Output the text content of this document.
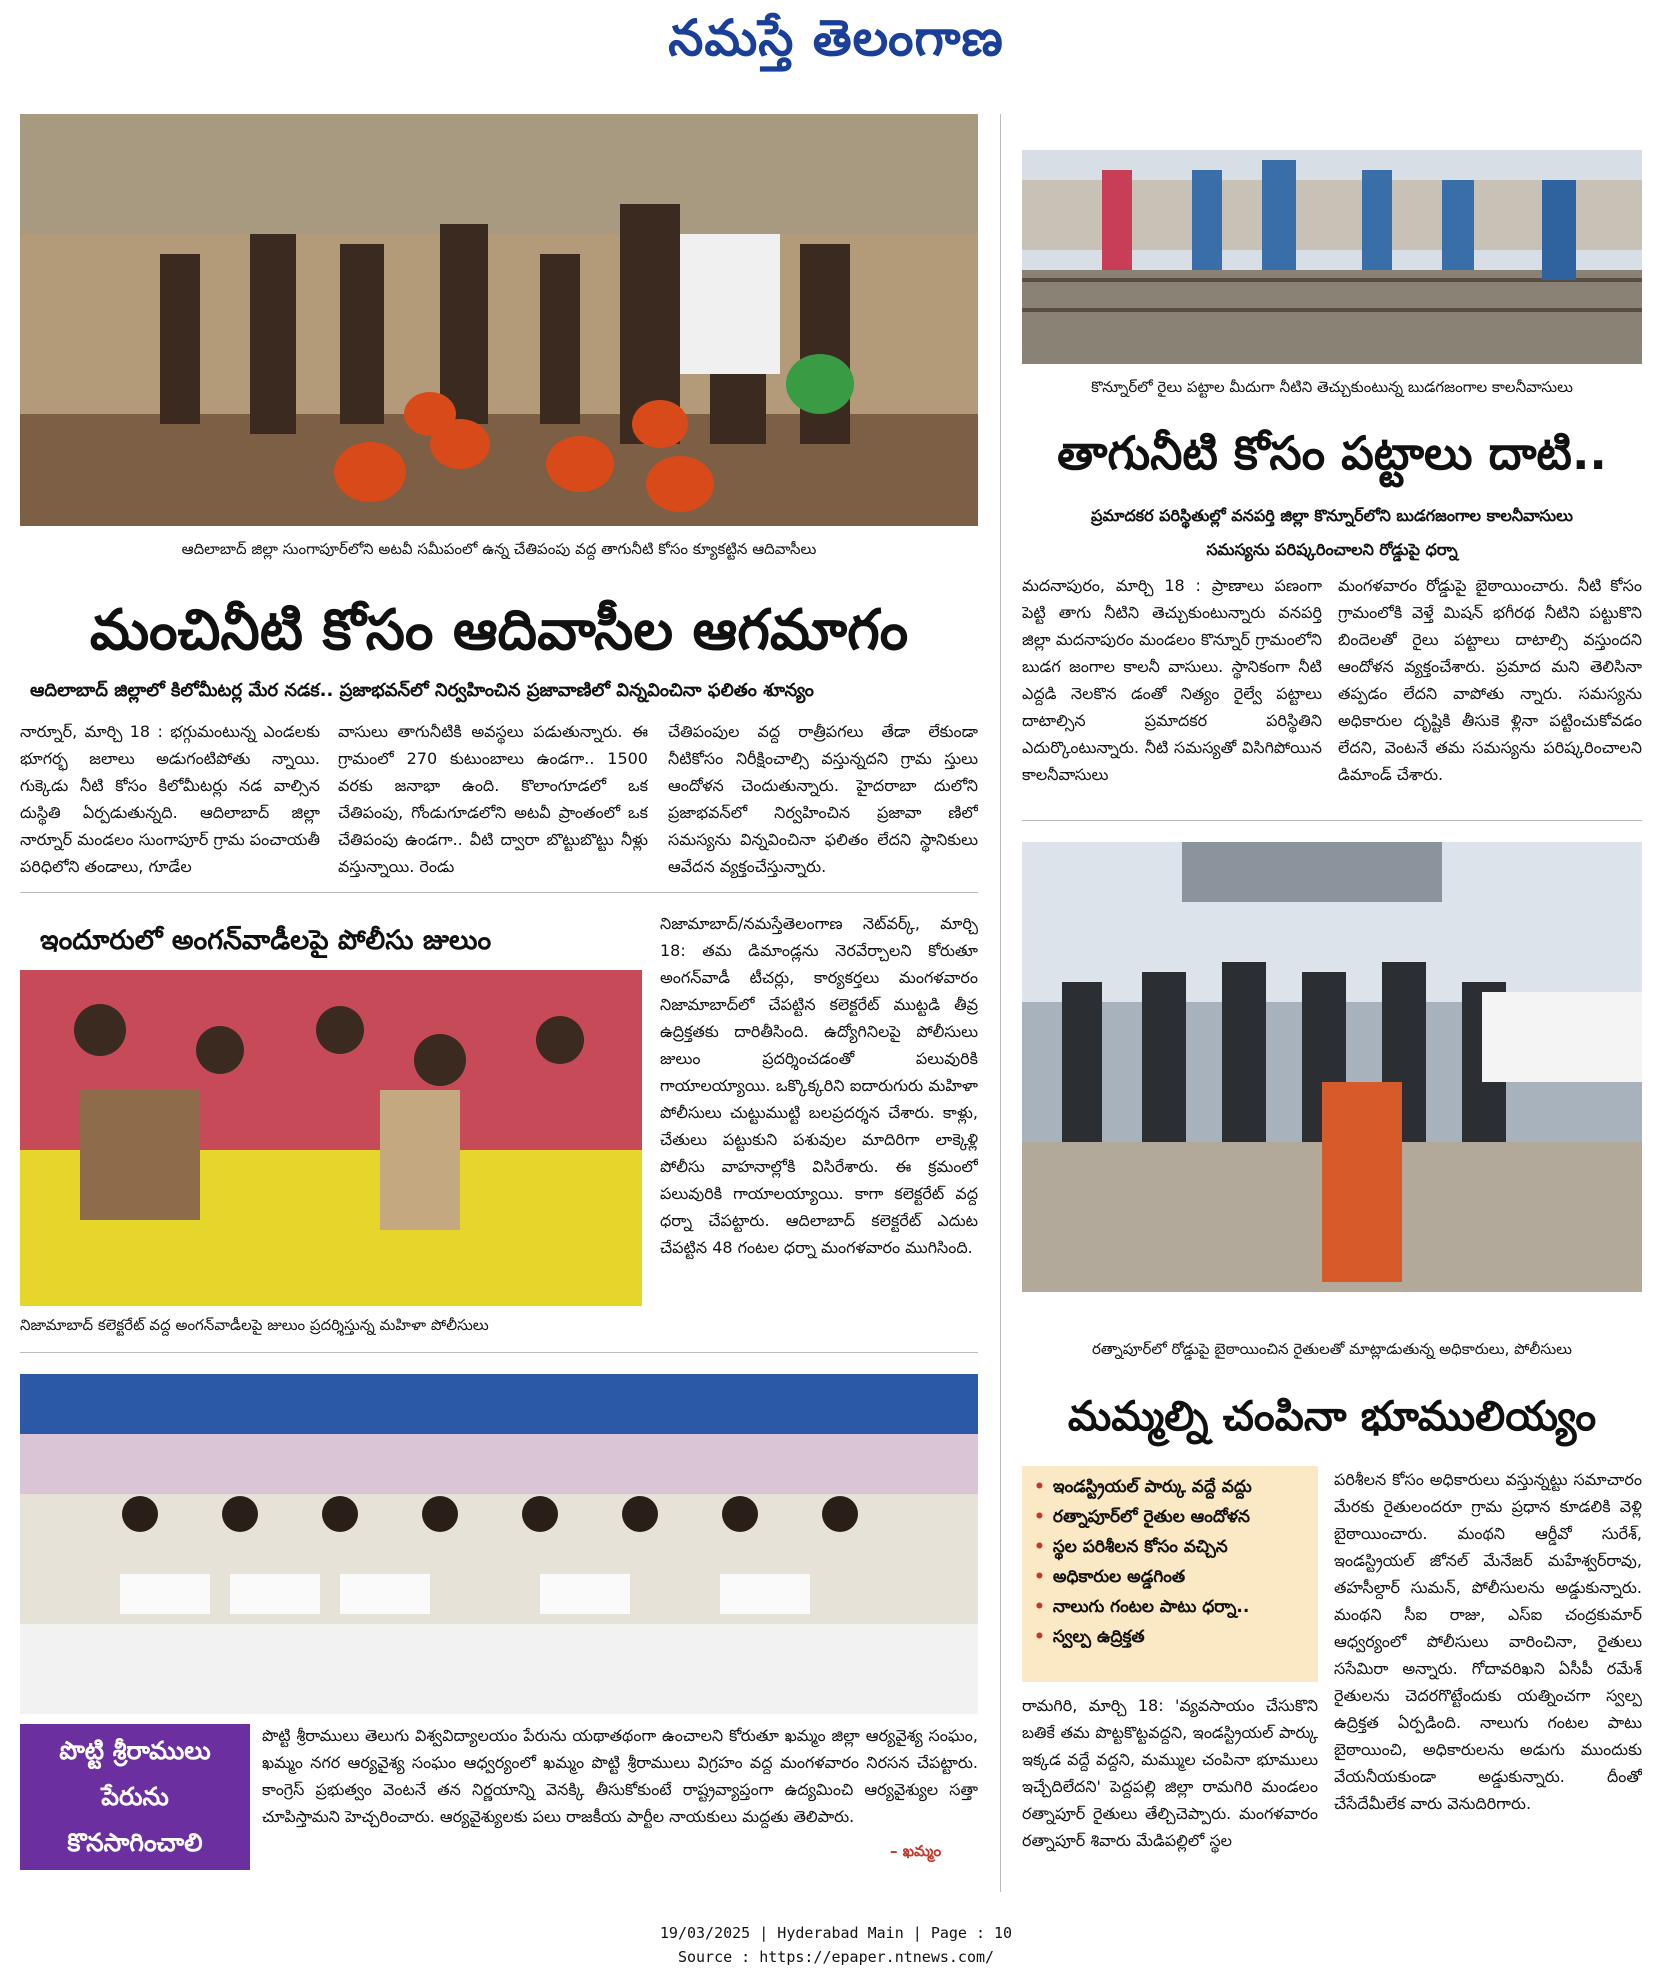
నమస్తే తెలంగాణ
ఆదిలాబాద్ జిల్లా సుంగాపూర్‌లోని అటవీ సమీపంలో ఉన్న చేతిపంపు వద్ద తాగునీటి కోసం క్యూకట్టిన ఆదివాసీలు
మంచినీటి కోసం ఆదివాసీల ఆగమాగం
ఆదిలాబాద్ జిల్లాలో కిలోమీటర్ల మేర నడక.. ప్రజాభవన్‌లో నిర్వహించిన ప్రజావాణిలో విన్నవించినా ఫలితం శూన్యం

నార్నూర్, మార్చి 18 : భగ్గుమంటున్న ఎండలకు భూగర్భ జలాలు అడుగంటిపోతు న్నాయి. గుక్కెడు నీటి కోసం కిలోమీటర్లు నడ వాల్సిన దుస్థితి ఏర్పడుతున్నది. ఆదిలాబాద్ జిల్లా నార్నూర్ మండలం సుంగాపూర్ గ్రామ పంచాయతీ పరిధిలోని తండాలు, గూడేల

వాసులు తాగునీటికి అవస్థలు పడుతున్నారు. ఈ గ్రామంలో 270 కుటుంబాలు ఉండగా.. 1500 వరకు జనాభా ఉంది. కొలాంగూడలో ఒక చేతిపంపు, గోండుగూడలోని అటవీ ప్రాంతంలో ఒక చేతిపంపు ఉండగా.. వీటి ద్వారా బొట్టుబొట్టు నీళ్లు వస్తున్నాయి. రెండు

చేతిపంపుల వద్ద రాత్రీపగలు తేడా లేకుండా నీటికోసం నిరీక్షించాల్సి వస్తున్నదని గ్రామ స్తులు ఆందోళన చెందుతున్నారు. హైదరాబా దులోని ప్రజాభవన్‌లో నిర్వహించిన ప్రజావా ణిలో సమస్యను విన్నవించినా ఫలితం లేదని స్థానికులు ఆవేదన వ్యక్తంచేస్తున్నారు.

ఇందూరులో అంగన్‌వాడీలపై పోలీసు జులుం
నిజామాబాద్ కలెక్టరేట్ వద్ద అంగన్‌వాడీలపై జులుం ప్రదర్శిస్తున్న మహిళా పోలీసులు

నిజామాబాద్/నమస్తేతెలంగాణ నెట్‌వర్క్, మార్చి 18: తమ డిమాండ్లను నెరవేర్చాలని కోరుతూ అంగన్‌వాడీ టీచర్లు, కార్యకర్తలు మంగళవారం నిజామాబాద్‌లో చేపట్టిన కలెక్టరేట్ ముట్టడి తీవ్ర ఉద్రిక్తతకు దారితీసింది. ఉద్యోగినిలపై పోలీసులు జులుం ప్రదర్శించడంతో పలువురికి గాయాలయ్యాయి. ఒక్కొక్కరిని ఐదారుగురు మహిళా పోలీసులు చుట్టుముట్టి బలప్రదర్శన చేశారు. కాళ్లు, చేతులు పట్టుకుని పశువుల మాదిరిగా లాక్కెళ్లి పోలీసు వాహనాల్లోకి విసిరేశారు. ఈ క్రమంలో పలువురికి గాయాలయ్యాయి. కాగా కలెక్టరేట్ వద్ద ధర్నా చేపట్టారు. ఆదిలాబాద్ కలెక్టరేట్ ఎదుట చేపట్టిన 48 గంటల ధర్నా మంగళవారం ముగిసింది.

పొట్టి శ్రీరాములు
పేరును
కొనసాగించాలి

పొట్టి శ్రీరాములు తెలుగు విశ్వవిద్యాలయం పేరును యథాతథంగా ఉంచాలని కోరుతూ ఖమ్మం జిల్లా ఆర్యవైశ్య సంఘం, ఖమ్మం నగర ఆర్యవైశ్య సంఘం ఆధ్వర్యంలో ఖమ్మం పొట్టి శ్రీరాములు విగ్రహం వద్ద మంగళవారం నిరసన చేపట్టారు. కాంగ్రెస్ ప్రభుత్వం వెంటనే తన నిర్ణయాన్ని వెనక్కి తీసుకోకుంటే రాష్ట్రవ్యాప్తంగా ఉద్యమించి ఆర్యవైశ్యుల సత్తా చూపిస్తామని హెచ్చరించారు. ఆర్యవైశ్యులకు పలు రాజకీయ పార్టీల నాయకులు మద్దతు తెలిపారు.

– ఖమ్మం
కొన్నూర్‌లో రైలు పట్టాల మీదుగా నీటిని తెచ్చుకుంటున్న బుడగజంగాల కాలనీవాసులు
తాగునీటి కోసం పట్టాలు దాటి..
ప్రమాదకర పరిస్థితుల్లో వనపర్తి జిల్లా కొన్నూర్‌లోని బుడగజంగాల కాలనీవాసులు
సమస్యను పరిష్కరించాలని రోడ్డుపై ధర్నా

మదనాపురం, మార్చి 18 : ప్రాణాలు పణంగా పెట్టి తాగు నీటిని తెచ్చుకుంటున్నారు వనపర్తి జిల్లా మదనాపురం మండలం కొన్నూర్ గ్రామంలోని బుడగ జంగాల కాలనీ వాసులు. స్థానికంగా నీటి ఎద్దడి నెలకొన డంతో నిత్యం రైల్వే పట్టాలు దాటాల్సిన ప్రమాదకర పరిస్థితిని ఎదుర్కొంటున్నారు. నీటి సమస్యతో విసిగిపోయిన కాలనీవాసులు

మంగళవారం రోడ్డుపై బైఠాయించారు. నీటి కోసం గ్రామంలోకి వెళ్తే మిషన్ భగీరథ నీటిని పట్టుకొని బిందెలతో రైలు పట్టాలు దాటాల్సి వస్తుందని ఆందోళన వ్యక్తంచేశారు. ప్రమాద మని తెలిసినా తప్పడం లేదని వాపోతు న్నారు. సమస్యను అధికారుల దృష్టికి తీసుకె ళ్లినా పట్టించుకోవడం లేదని, వెంటనే తమ సమస్యను పరిష్కరించాలని డిమాండ్ చేశారు.

రత్నాపూర్‌లో రోడ్డుపై బైఠాయించిన రైతులతో మాట్లాడుతున్న అధికారులు, పోలీసులు
మమ్మల్ని చంపినా భూములియ్యం
• ఇండస్ట్రియల్ పార్కు వద్దే వద్దు
• రత్నాపూర్‌లో రైతుల ఆందోళన
• స్థల పరిశీలన కోసం వచ్చిన
• అధికారుల అడ్డగింత
• నాలుగు గంటల పాటు ధర్నా..
• స్వల్ప ఉద్రిక్తత

రామగిరి, మార్చి 18: 'వ్యవసాయం చేసుకొని బతికే తమ పొట్టకొట్టవద్దని, ఇండస్ట్రియల్ పార్కు ఇక్కడ వద్దే వద్దని, మమ్ముల చంపినా భూములు ఇచ్చేదిలేదని' పెద్దపల్లి జిల్లా రామగిరి మండలం రత్నాపూర్ రైతులు తేల్చిచెప్పారు. మంగళవారం రత్నాపూర్ శివారు మేడిపల్లిలో స్థల

పరిశీలన కోసం అధికారులు వస్తున్నట్టు సమాచారం మేరకు రైతులందరూ గ్రామ ప్రధాన కూడలికి వెళ్లి బైఠాయించారు. మంథని ఆర్డీవో సురేశ్, ఇండస్ట్రియల్ జోనల్ మేనేజర్ మహేశ్వర్‌రావు, తహసీల్దార్ సుమన్, పోలీసులను అడ్డుకున్నారు. మంథని సీఐ రాజు, ఎస్‌ఐ చంద్రకుమార్ ఆధ్వర్యంలో పోలీసులు వారించినా, రైతులు ససేమిరా అన్నారు. గోదావరిఖని ఏసీపీ రమేశ్ రైతులను చెదరగొట్టేందుకు యత్నించగా స్వల్ప ఉద్రిక్తత ఏర్పడింది. నాలుగు గంటల పాటు బైఠాయించి, అధికారులను అడుగు ముందుకు వేయనీయకుండా అడ్డుకున్నారు. దీంతో చేసేదేమీలేక వారు వెనుదిరిగారు.

19/03/2025 | Hyderabad Main | Page : 10
Source : https://epaper.ntnews.com/
